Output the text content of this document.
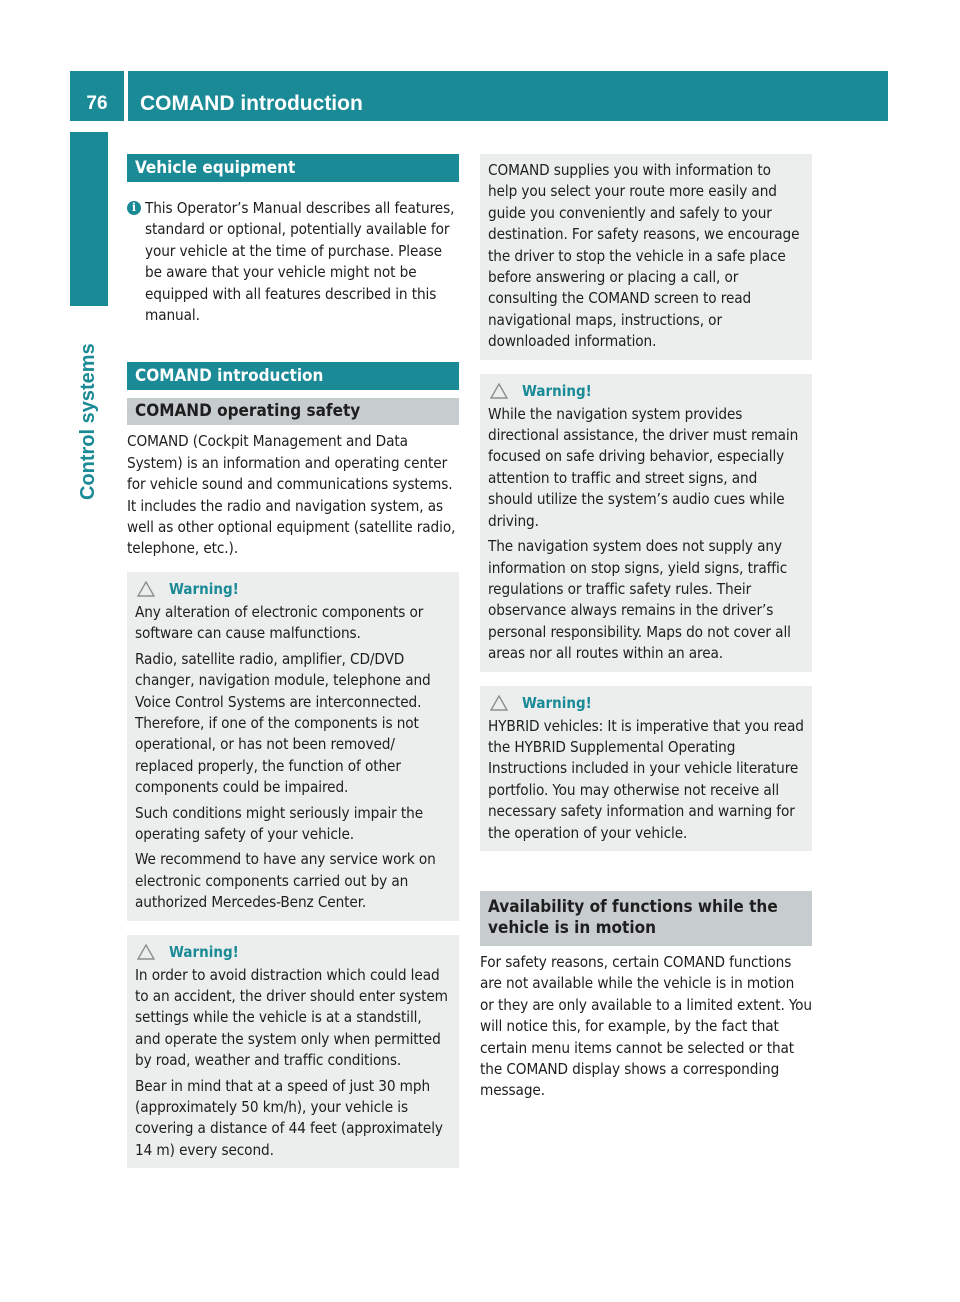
76	COMAND introduction
Control systems
Vehicle equipment
i This Operator’s Manual describes all features, standard or optional, potentially available for your vehicle at the time of purchase. Please be aware that your vehicle might not be equipped with all features described in this manual.

COMAND introduction
COMAND operating safety

COMAND (Cockpit Management and Data System) is an information and operating center for vehicle sound and communications systems. It includes the radio and navigation system, as well as other optional equipment (satellite radio, telephone, etc.).

Warning!

Any alteration of electronic components or software can cause malfunctions.

Radio, satellite radio, amplifier, CD/DVD changer, navigation module, telephone and Voice Control Systems are interconnected. Therefore, if one of the components is not operational, or has not been removed/ replaced properly, the function of other components could be impaired.

Such conditions might seriously impair the operating safety of your vehicle.

We recommend to have any service work on electronic components carried out by an authorized Mercedes-Benz Center.

Warning!

In order to avoid distraction which could lead to an accident, the driver should enter system settings while the vehicle is at a standstill, and operate the system only when permitted by road, weather and traffic conditions.

Bear in mind that at a speed of just 30 mph (approximately 50 km/h), your vehicle is covering a distance of 44 feet (approximately 14 m) every second.

COMAND supplies you with information to help you select your route more easily and guide you conveniently and safely to your destination. For safety reasons, we encourage the driver to stop the vehicle in a safe place before answering or placing a call, or consulting the COMAND screen to read navigational maps, instructions, or downloaded information.

Warning!

While the navigation system provides directional assistance, the driver must remain focused on safe driving behavior, especially attention to traffic and street signs, and should utilize the system’s audio cues while driving.

The navigation system does not supply any information on stop signs, yield signs, traffic regulations or traffic safety rules. Their observance always remains in the driver’s personal responsibility. Maps do not cover all areas nor all routes within an area.

Warning!

HYBRID vehicles: It is imperative that you read the HYBRID Supplemental Operating Instructions included in your vehicle literature portfolio. You may otherwise not receive all necessary safety information and warning for the operation of your vehicle.

Availability of functions while the vehicle is in motion

For safety reasons, certain COMAND functions are not available while the vehicle is in motion or they are only available to a limited extent. You will notice this, for example, by the fact that certain menu items cannot be selected or that the COMAND display shows a corresponding message.
